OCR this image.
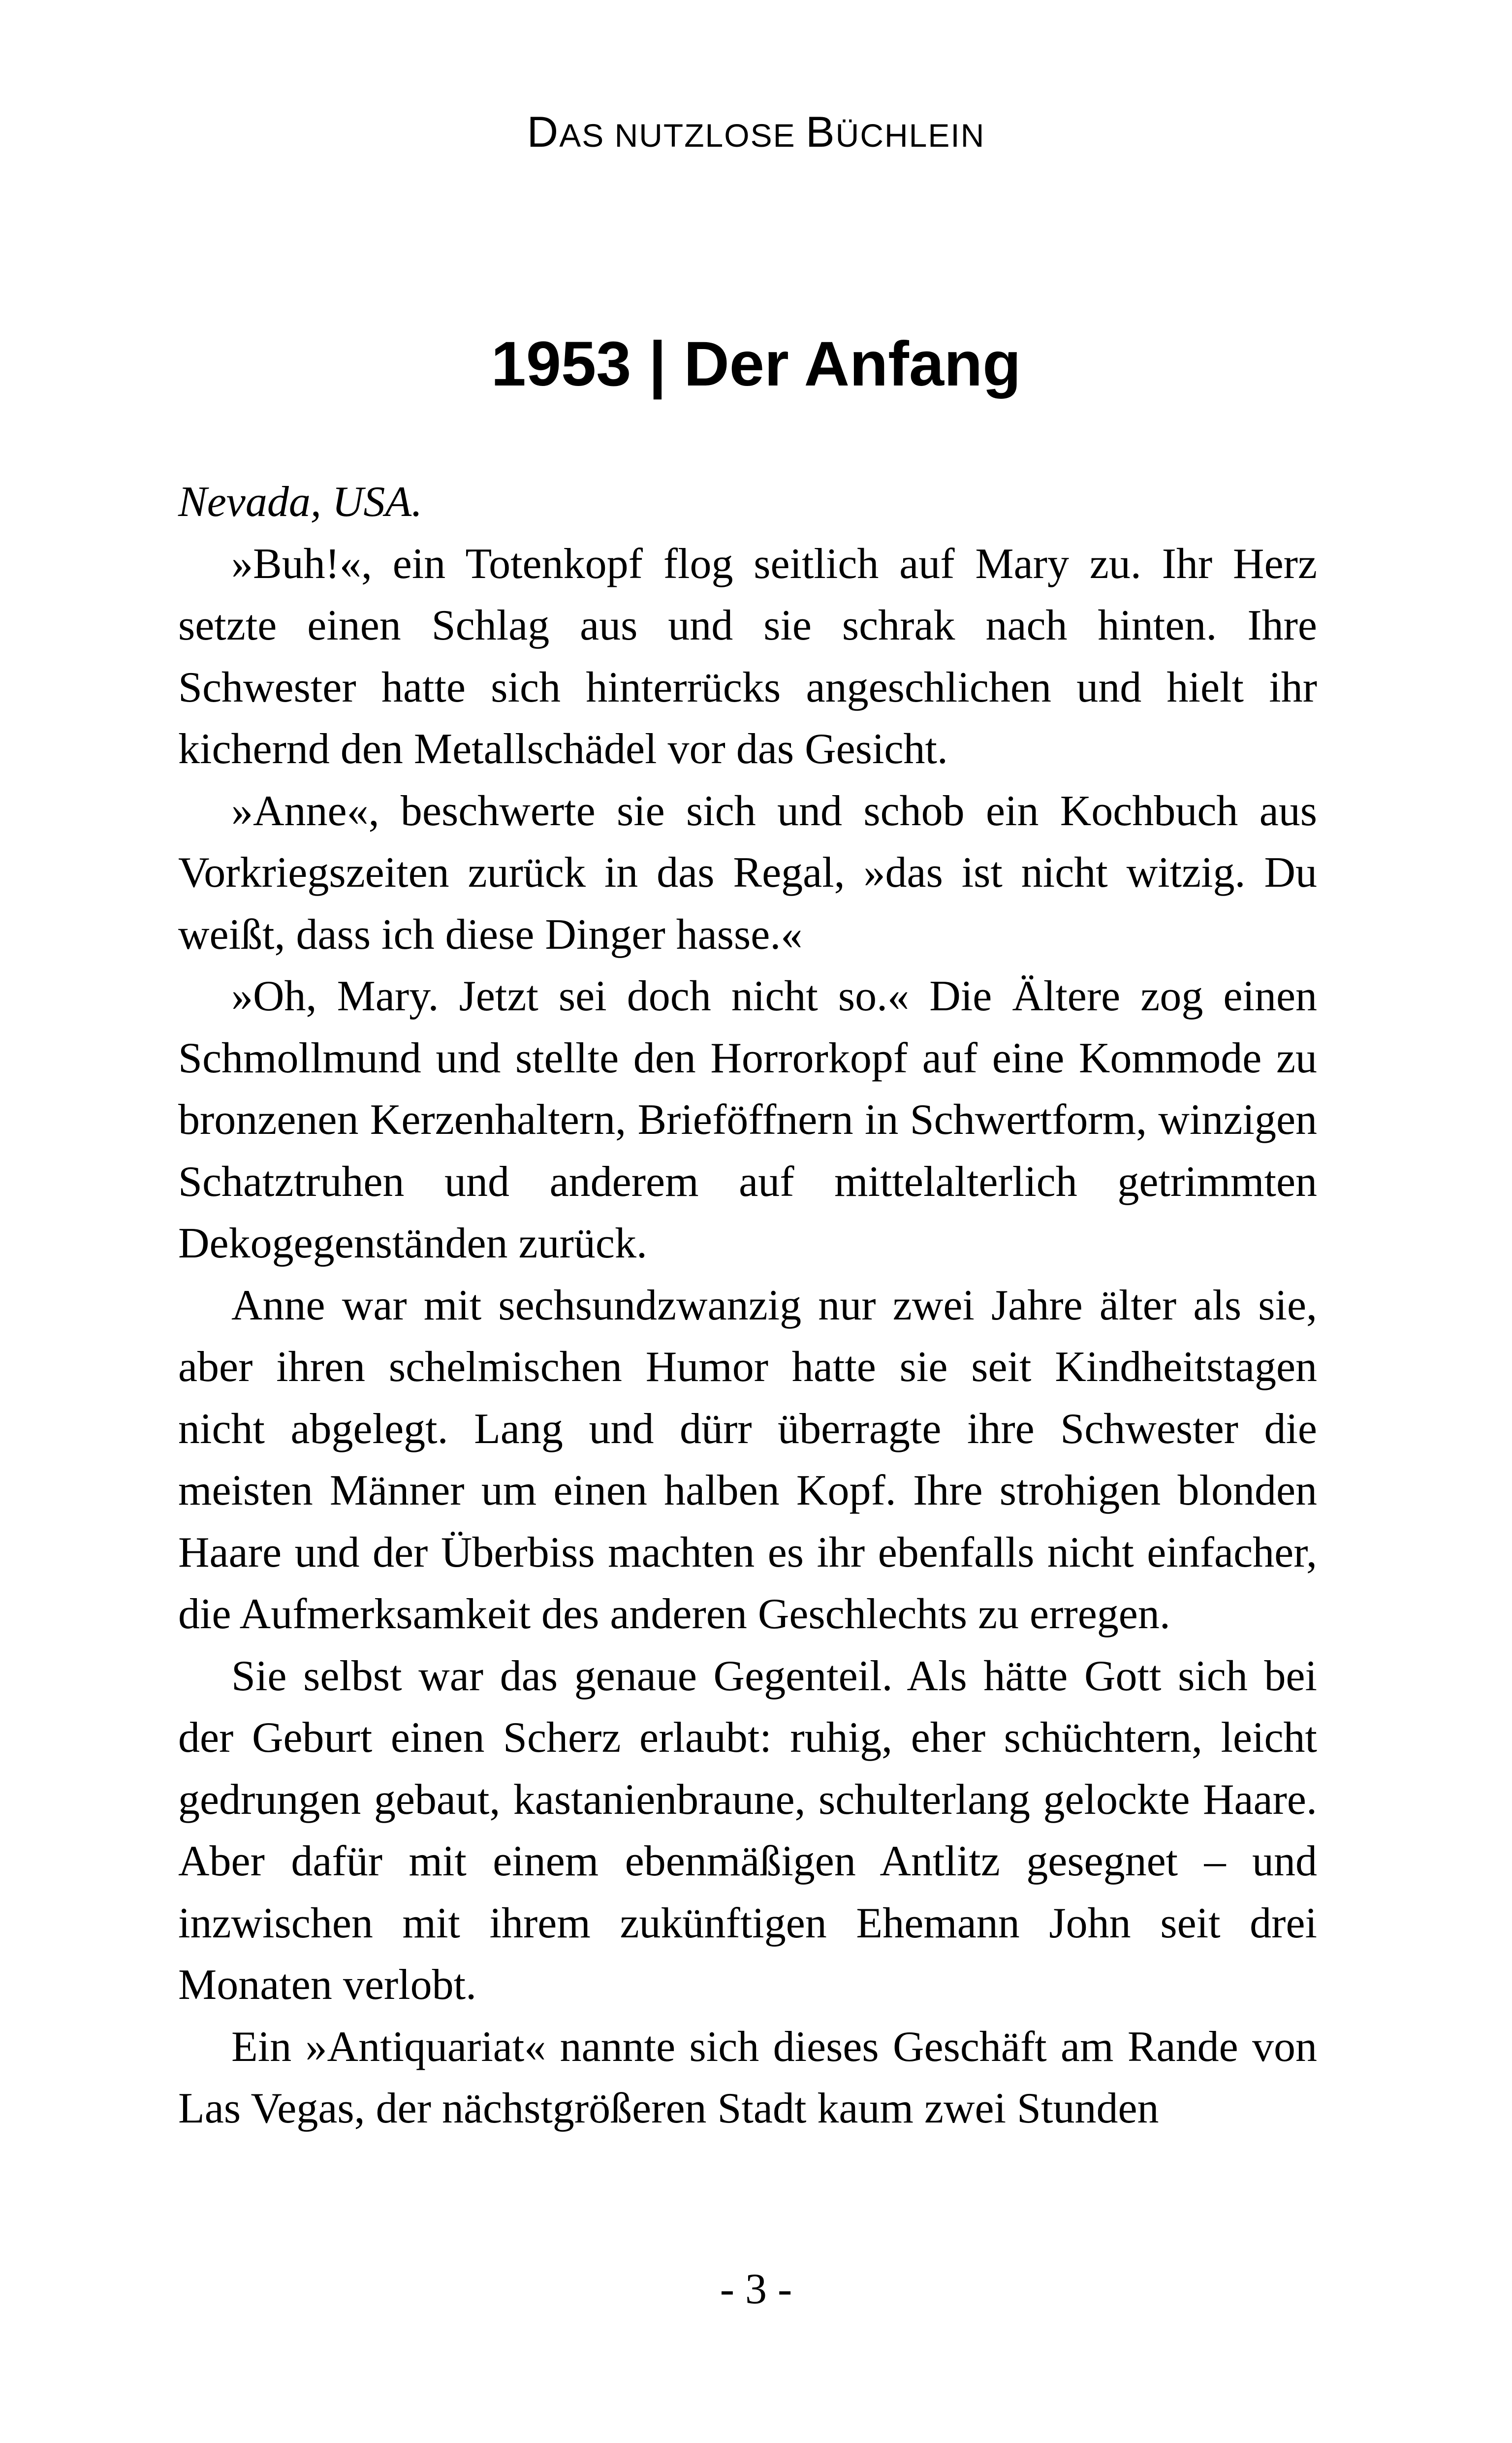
DAS NUTZLOSE BÜCHLEIN
1953 | Der Anfang

Nevada, USA.

»Buh!«, ein Totenkopf flog seitlich auf Mary zu. Ihr Herz setzte einen Schlag aus und sie schrak nach hinten. Ihre Schwester hatte sich hinterrücks angeschlichen und hielt ihr kichernd den Metallschädel vor das Gesicht.

»Anne«, beschwerte sie sich und schob ein Kochbuch aus Vorkriegszeiten zurück in das Regal, »das ist nicht witzig. Du weißt, dass ich diese Dinger hasse.«

»Oh, Mary. Jetzt sei doch nicht so.« Die Ältere zog einen Schmollmund und stellte den Horrorkopf auf eine Kommode zu bronzenen Kerzenhaltern, Brieföffnern in Schwertform, winzigen Schatztruhen und anderem auf mittelalterlich getrimmten Dekogegenständen zurück.

Anne war mit sechsundzwanzig nur zwei Jahre älter als sie, aber ihren schelmischen Humor hatte sie seit Kindheitstagen nicht abgelegt. Lang und dürr überragte ihre Schwester die meisten Männer um einen halben Kopf. Ihre strohigen blonden Haare und der Überbiss machten es ihr ebenfalls nicht einfacher, die Aufmerksamkeit des anderen Geschlechts zu erregen.

Sie selbst war das genaue Gegenteil. Als hätte Gott sich bei der Geburt einen Scherz erlaubt: ruhig, eher schüchtern, leicht gedrungen gebaut, kastanienbraune, schulterlang gelockte Haare. Aber dafür mit einem ebenmäßigen Antlitz gesegnet – und inzwischen mit ihrem zukünftigen Ehemann John seit drei Monaten verlobt.

Ein »Antiquariat« nannte sich dieses Geschäft am Rande von Las Vegas, der nächstgrößeren Stadt kaum zwei Stunden

- 3 -
